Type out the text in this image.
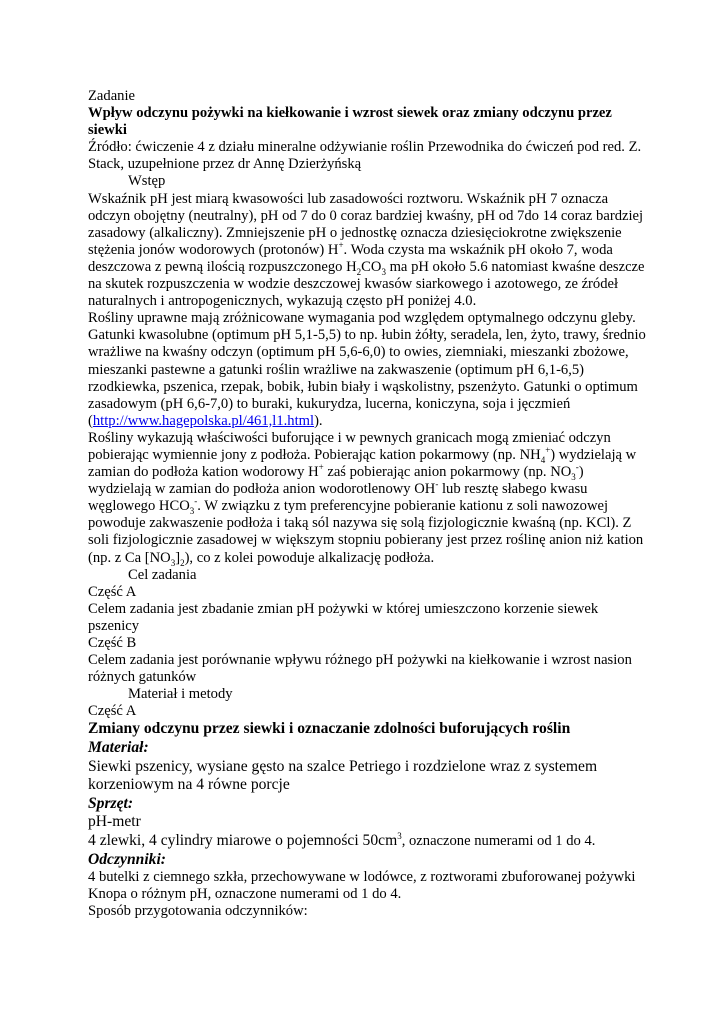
Zadanie

Wpływ odczynu pożywki na kiełkowanie i wzrost siewek oraz zmiany odczynu przez siewki

Źródło: ćwiczenie 4 z działu mineralne odżywianie roślin Przewodnika do ćwiczeń pod red. Z. Stack, uzupełnione przez dr Annę Dzierżyńską

Wstęp

Wskaźnik pH jest miarą kwasowości lub zasadowości roztworu. Wskaźnik pH 7 oznacza odczyn obojętny (neutralny), pH od 7 do 0 coraz bardziej kwaśny, pH od 7do 14 coraz bardziej zasadowy (alkaliczny). Zmniejszenie pH o jednostkę oznacza dziesięciokrotne zwiększenie stężenia jonów wodorowych (protonów) H+. Woda czysta ma wskaźnik pH około 7, woda deszczowa z pewną ilością rozpuszczonego $H_2CO_3$ ma pH około 5.6 natomiast kwaśne deszcze na skutek rozpuszczenia w wodzie deszczowej kwasów siarkowego i azotowego, ze źródeł naturalnych i antropogenicznych, wykazują często pH poniżej 4.0.

Rośliny uprawne mają zróżnicowane wymagania pod względem optymalnego odczynu gleby. Gatunki kwasolubne (optimum pH 5,1-5,5) to np. łubin żółty, seradela, len, żyto, trawy, średnio wrażliwe na kwaśny odczyn (optimum pH 5,6-6,0) to owies, ziemniaki, mieszanki zbożowe, mieszanki pastewne a gatunki roślin wrażliwe na zakwaszenie (optimum pH 6,1-6,5) rzodkiewka, pszenica, rzepak, bobik, łubin biały i wąskolistny, pszenżyto. Gatunki o optimum zasadowym (pH 6,6-7,0) to buraki, kukurydza, lucerna, koniczyna, soja i jęczmień (http://www.hagepolska.pl/461,l1.html).

Rośliny wykazują właściwości buforujące i w pewnych granicach mogą zmieniać odczyn pobierając wymiennie jony z podłoża. Pobierając kation pokarmowy (np. $NH_4^+$) wydzielają w zamian do podłoża kation wodorowy H+ zaś pobierając anion pokarmowy (np. $NO_3^-$) wydzielają w zamian do podłoża anion wodorotlenowy OH- lub resztę słabego kwasu węglowego $HCO_3^-$. W związku z tym preferencyjne pobieranie kationu z soli nawozowej powoduje zakwaszenie podłoża i taką sól nazywa się solą fizjologicznie kwaśną (np. KCl). Z soli fizjologicznie zasadowej w większym stopniu pobierany jest przez roślinę anion niż kation (np. z Ca $[NO_3]_2$), co z kolei powoduje alkalizację podłoża.

Cel zadania

Część A

Celem zadania jest zbadanie zmian pH pożywki w której umieszczono korzenie siewek pszenicy

Część B

Celem zadania jest porównanie wpływu różnego pH pożywki na kiełkowanie i wzrost nasion różnych gatunków

Materiał i metody

Część A

Zmiany odczynu przez siewki i oznaczanie zdolności buforujących roślin

Materiał:

Siewki pszenicy, wysiane gęsto na szalce Petriego i rozdzielone wraz z systemem korzeniowym na 4 równe porcje

Sprzęt:

pH-metr

4 zlewki, 4 cylindry miarowe o pojemności $50cm^3$, oznaczone numerami od 1 do 4.

Odczynniki:

4 butelki z ciemnego szkła, przechowywane w lodówce, z roztworami zbuforowanej pożywki Knopa o różnym pH, oznaczone numerami od 1 do 4.

Sposób przygotowania odczynników:
